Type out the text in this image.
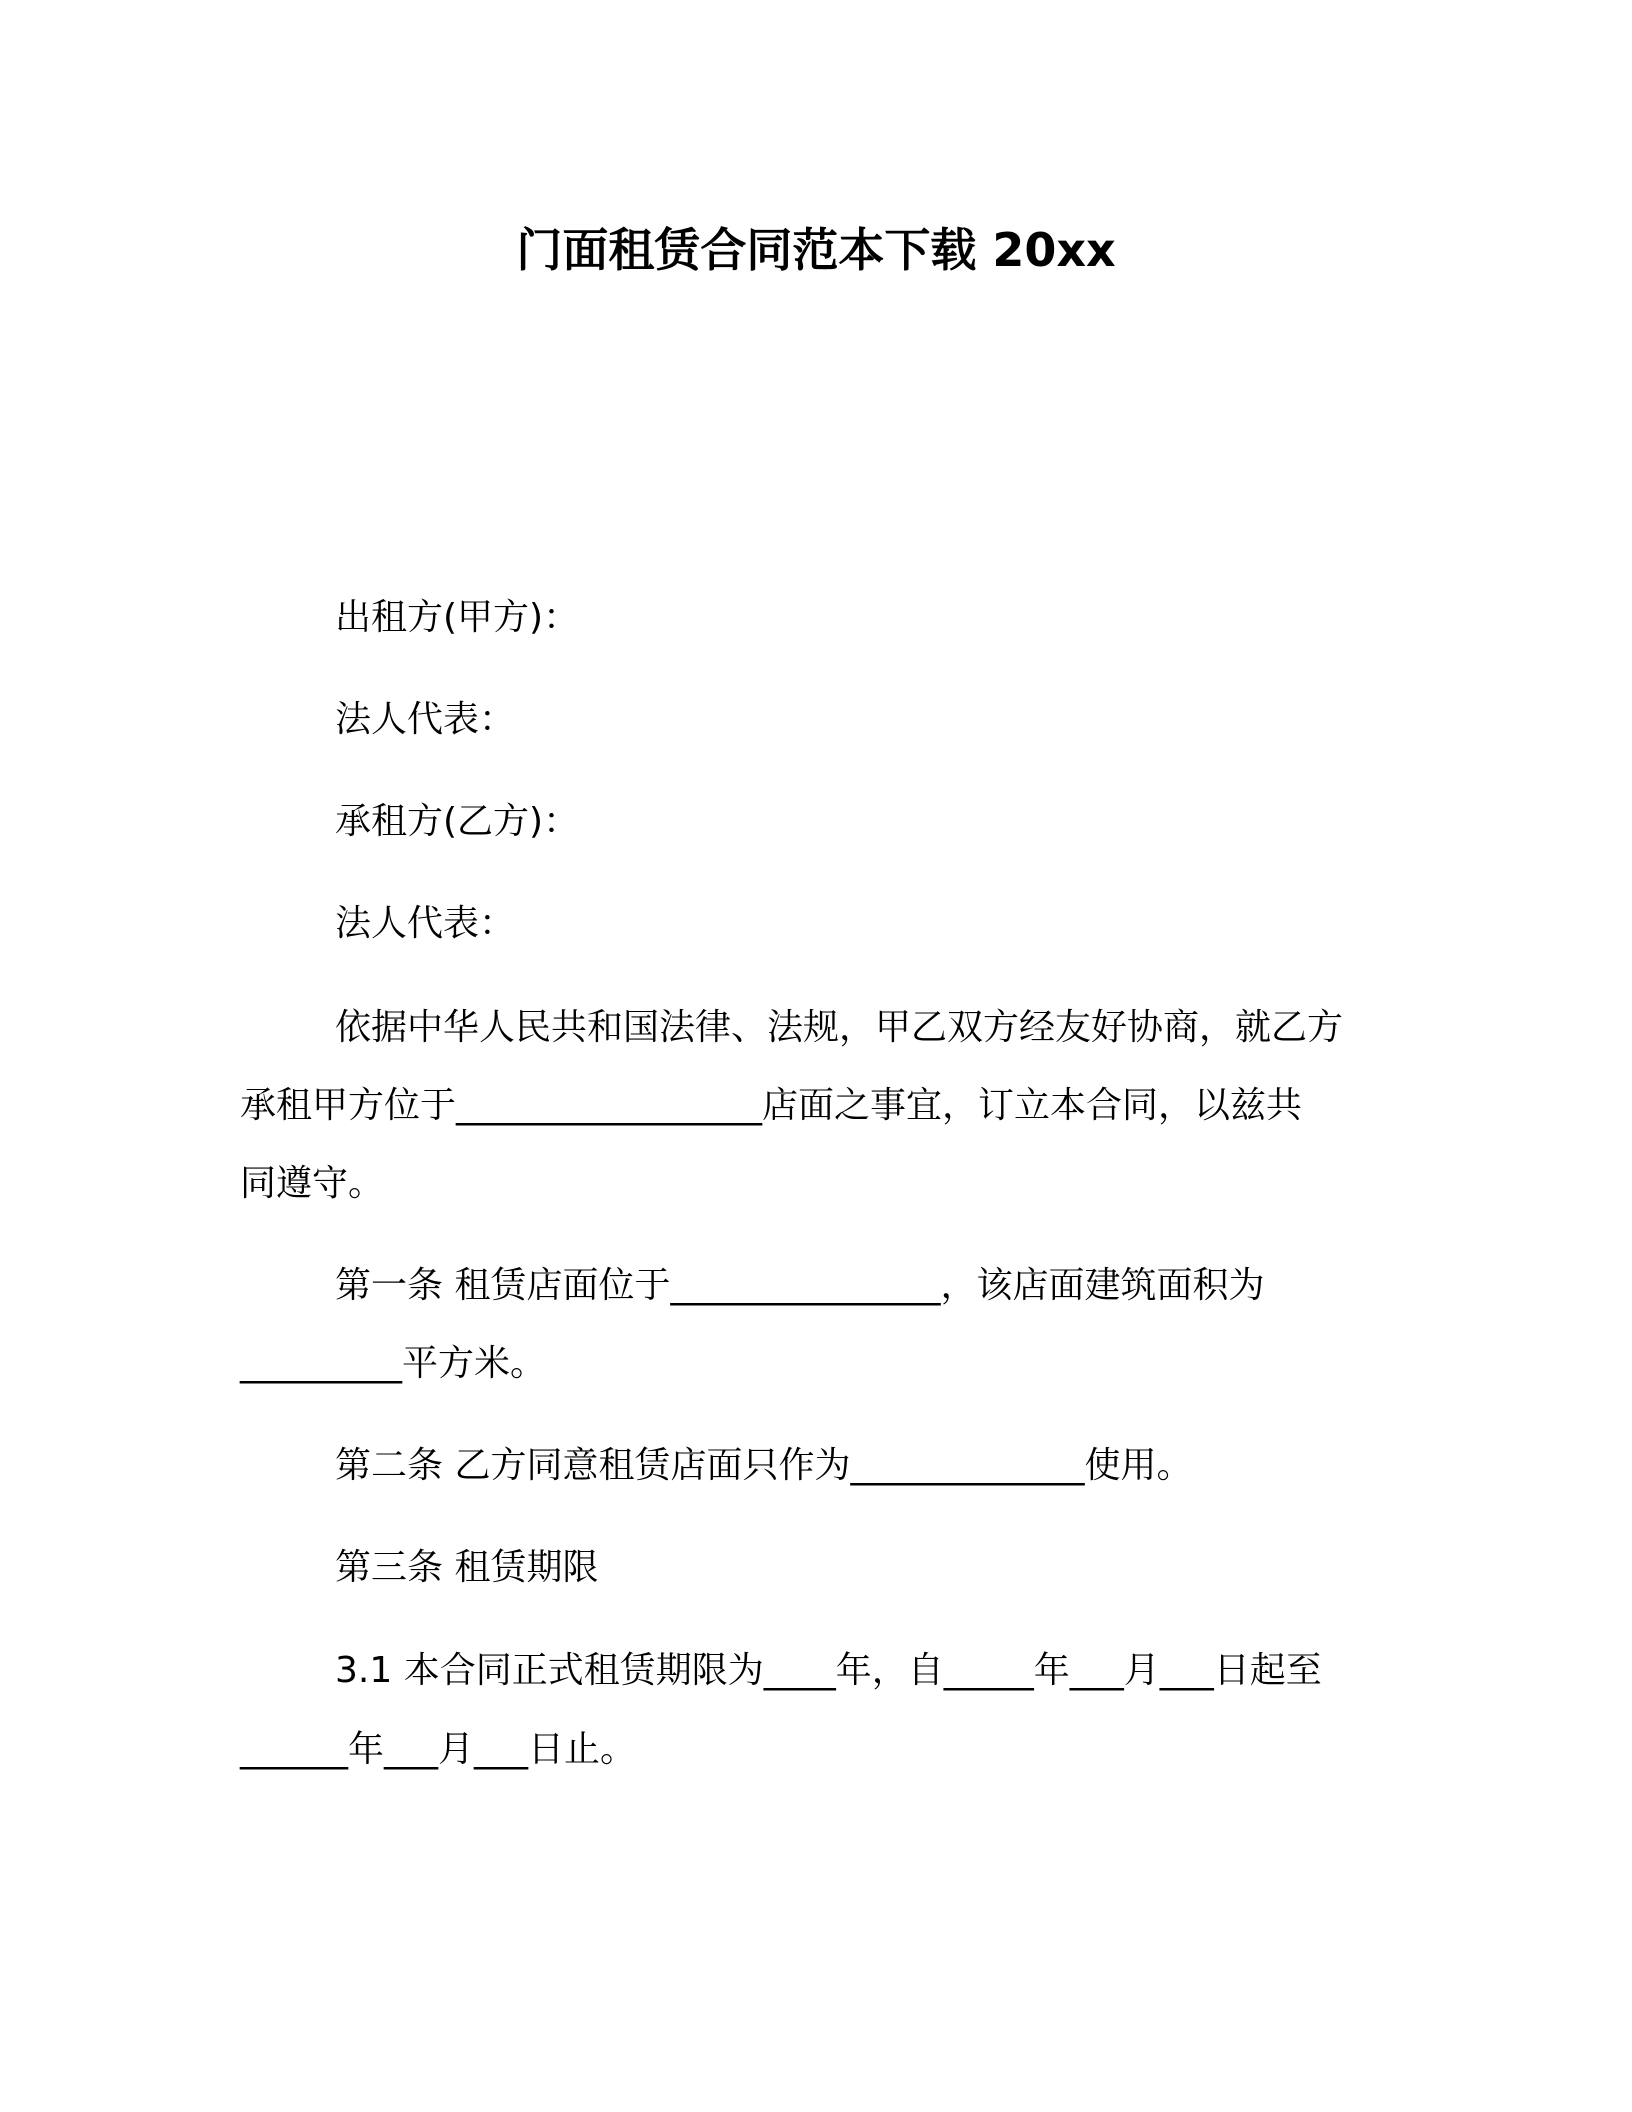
门面租赁合同范本下载 20xx
出租方(甲方)：
法人代表：
承租方(乙方)：
法人代表：
依据中华人民共和国法律、法规，甲乙双方经友好协商，就乙方
承租甲方位于_________________店面之事宜，订立本合同，以兹共
同遵守。
第一条 租赁店面位于_______________，该店面建筑面积为
_________平方米。
第二条 乙方同意租赁店面只作为_____________使用。
第三条 租赁期限
3.1 本合同正式租赁期限为____年，自_____年___月___日起至
______年___月___日止。
